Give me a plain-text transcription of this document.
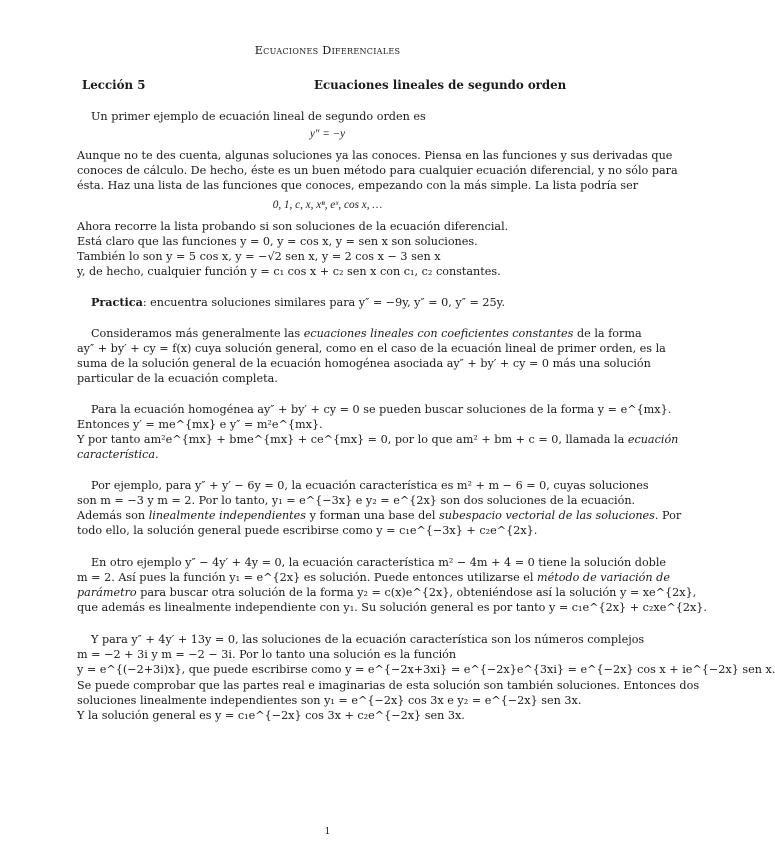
Ecuaciones Diferenciales
Lección 5	Ecuaciones lineales de segundo orden
Un primer ejemplo de ecuación lineal de segundo orden es
y″ = −y
Aunque no te des cuenta, algunas soluciones ya las conoces. Piensa en las funciones y sus derivadas que
conoces de cálculo. De hecho, éste es un buen método para cualquier ecuación diferencial, y no sólo para
ésta. Haz una lista de las funciones que conoces, empezando con la más simple. La lista podría ser
0, 1, c, x, xⁿ, eˣ, cos x, …
Ahora recorre la lista probando si son soluciones de la ecuación diferencial.
Está claro que las funciones y = 0, y = cos x, y = sen x son soluciones.
También lo son y = 5 cos x, y = −√2 sen x, y = 2 cos x − 3 sen x
y, de hecho, cualquier función y = c₁ cos x + c₂ sen x con c₁, c₂ constantes.
Practica: encuentra soluciones similares para y″ = −9y, y″ = 0, y″ = 25y.
Consideramos más generalmente las ecuaciones lineales con coeficientes constantes de la forma
ay″ + by′ + cy = f(x) cuya solución general, como en el caso de la ecuación lineal de primer orden, es la
suma de la solución general de la ecuación homogénea asociada ay″ + by′ + cy = 0 más una solución
particular de la ecuación completa.
Para la ecuación homogénea ay″ + by′ + cy = 0 se pueden buscar soluciones de la forma y = e^{mx}.
Entonces y′ = me^{mx} e y″ = m²e^{mx}.
Y por tanto am²e^{mx} + bme^{mx} + ce^{mx} = 0, por lo que am² + bm + c = 0, llamada la ecuación
característica.
Por ejemplo, para y″ + y′ − 6y = 0, la ecuación característica es m² + m − 6 = 0, cuyas soluciones
son m = −3 y m = 2. Por lo tanto, y₁ = e^{−3x} e y₂ = e^{2x} son dos soluciones de la ecuación.
Además son linealmente independientes y forman una base del subespacio vectorial de las soluciones. Por
todo ello, la solución general puede escribirse como y = c₁e^{−3x} + c₂e^{2x}.
En otro ejemplo y″ − 4y′ + 4y = 0, la ecuación característica m² − 4m + 4 = 0 tiene la solución doble
m = 2. Así pues la función y₁ = e^{2x} es solución. Puede entonces utilizarse el método de variación de
parámetro para buscar otra solución de la forma y₂ = c(x)e^{2x}, obteniéndose así la solución y = xe^{2x},
que además es linealmente independiente con y₁. Su solución general es por tanto y = c₁e^{2x} + c₂xe^{2x}.
Y para y″ + 4y′ + 13y = 0, las soluciones de la ecuación característica son los números complejos
m = −2 + 3i y m = −2 − 3i. Por lo tanto una solución es la función
y = e^{(−2+3i)x}, que puede escribirse como y = e^{−2x+3xi} = e^{−2x}e^{3xi} = e^{−2x} cos x + ie^{−2x} sen x.
Se puede comprobar que las partes real e imaginarias de esta solución son también soluciones. Entonces dos
soluciones linealmente independientes son y₁ = e^{−2x} cos 3x e y₂ = e^{−2x} sen 3x.
Y la solución general es y = c₁e^{−2x} cos 3x + c₂e^{−2x} sen 3x.
1
